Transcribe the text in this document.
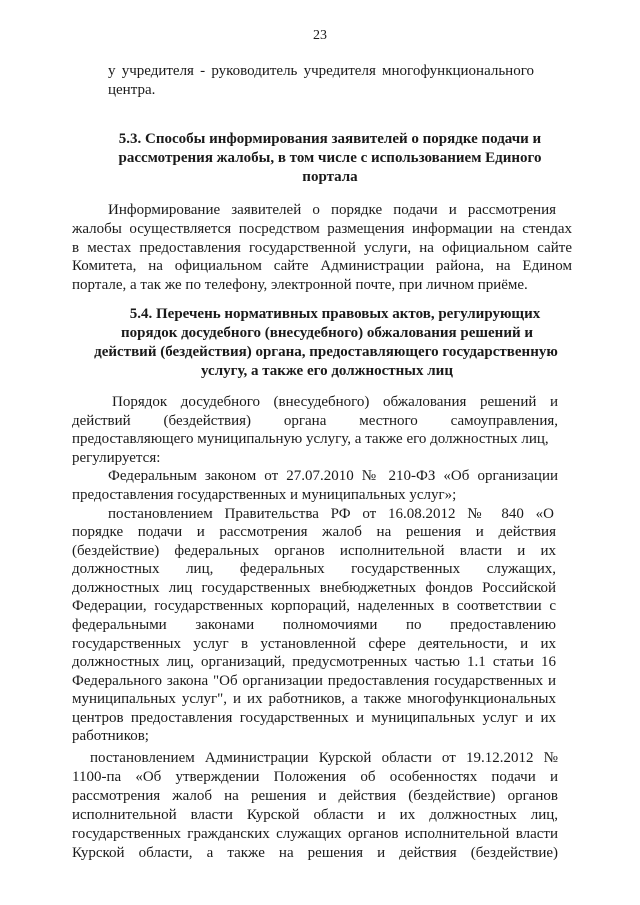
23

у учредителя - руководитель учредителя многофункционального

центра.

5.3. Способы информирования заявителей о порядке подачи и

рассмотрения жалобы, в том числе с использованием Единого

портала

Информирование заявителей о порядке подачи и рассмотрения

жалобы осуществляется посредством размещения информации на стендах

в местах предоставления государственной услуги, на официальном сайте

Комитета, на официальном сайте Администрации района, на Едином

портале, а так же по телефону, электронной почте, при личном приёме.

5.4. Перечень нормативных правовых актов, регулирующих

порядок досудебного (внесудебного) обжалования решений и

действий (бездействия) органа, предоставляющего государственную

услугу, а также его должностных лиц

Порядок досудебного (внесудебного) обжалования решений и

действий (бездействия) органа местного самоуправления,

предоставляющего муниципальную услугу, а также его должностных лиц,

регулируется:

Федеральным законом от 27.07.2010 № 210-ФЗ «Об организации

предоставления государственных и муниципальных услуг»;

постановлением Правительства РФ от 16.08.2012 № 840 «О

порядке подачи и рассмотрения жалоб на решения и действия

(бездействие) федеральных органов исполнительной власти и их

должностных лиц, федеральных государственных служащих,

должностных лиц государственных внебюджетных фондов Российской

Федерации, государственных корпораций, наделенных в соответствии с

федеральными законами полномочиями по предоставлению

государственных услуг в установленной сфере деятельности, и их

должностных лиц, организаций, предусмотренных частью 1.1 статьи 16

Федерального закона "Об организации предоставления государственных и

муниципальных услуг", и их работников, а также многофункциональных

центров предоставления государственных и муниципальных услуг и их

работников;

постановлением Администрации Курской области от 19.12.2012 №

1100-па «Об утверждении Положения об особенностях подачи и

рассмотрения жалоб на решения и действия (бездействие) органов

исполнительной власти Курской области и их должностных лиц,

государственных гражданских служащих органов исполнительной власти

Курской области, а также на решения и действия (бездействие)
